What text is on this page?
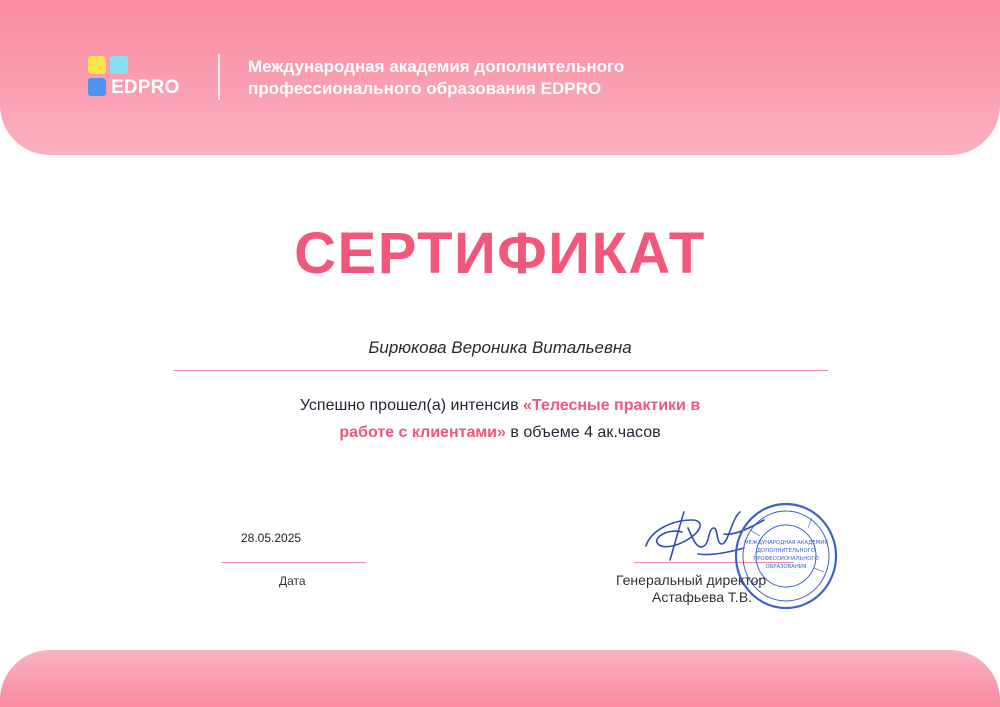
EDPRO
Международная академия дополнительного
профессионального образования EDPRO
СЕРТИФИКАТ
Бирюкова Вероника Витальевна
Успешно прошел(а) интенсив «Телесные практики в
работе с клиентами» в объеме 4 ак.часов
28.05.2025
Дата
МЕЖДУНАРОДНАЯ АКАДЕМИЯ
ДОПОЛНИТЕЛЬНОГО
ПРОФЕССИОНАЛЬНОГО
ОБРАЗОВАНИЯ
Генеральный директор
Астафьева Т.В.
